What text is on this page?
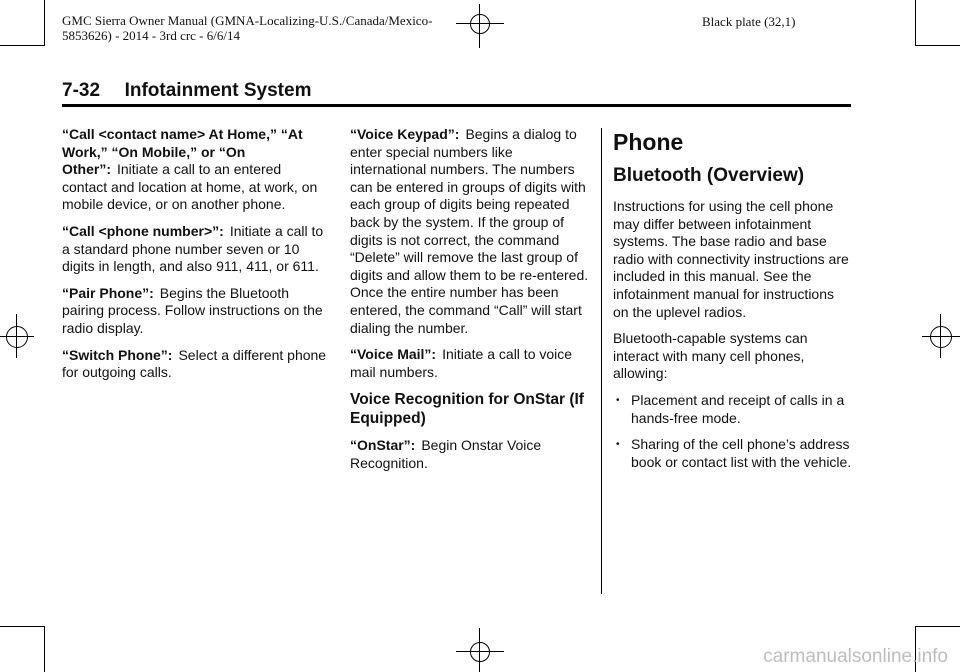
GMC Sierra Owner Manual (GMNA-Localizing-U.S./Canada/Mexico-
5853626) - 2014 - 3rd crc - 6/6/14
Black plate (32,1)
7-32 Infotainment System

“Call <contact name> At Home,” “At Work,” “On Mobile,” or “On Other”: Initiate a call to an entered contact and location at home, at work, on mobile device, or on another phone.

“Call <phone number>”: Initiate a call to a standard phone number seven or 10 digits in length, and also 911, 411, or 611.

“Pair Phone”: Begins the Bluetooth pairing process. Follow instructions on the radio display.

“Switch Phone”: Select a different phone for outgoing calls.

“Voice Keypad”: Begins a dialog to enter special numbers like international numbers. The numbers can be entered in groups of digits with each group of digits being repeated back by the system. If the group of digits is not correct, the command “Delete” will remove the last group of digits and allow them to be re-entered. Once the entire number has been entered, the command “Call” will start dialing the number.

“Voice Mail”: Initiate a call to voice mail numbers.

Voice Recognition for OnStar (If Equipped)

“OnStar”: Begin Onstar Voice Recognition.

Phone
Bluetooth (Overview)

Instructions for using the cell phone may differ between infotainment systems. The base radio and base radio with connectivity instructions are included in this manual. See the infotainment manual for instructions on the uplevel radios.

Bluetooth-capable systems can interact with many cell phones, allowing:

• Placement and receipt of calls in a hands-free mode.
• Sharing of the cell phone’s address book or contact list with the vehicle.
carmanualsonline.info
